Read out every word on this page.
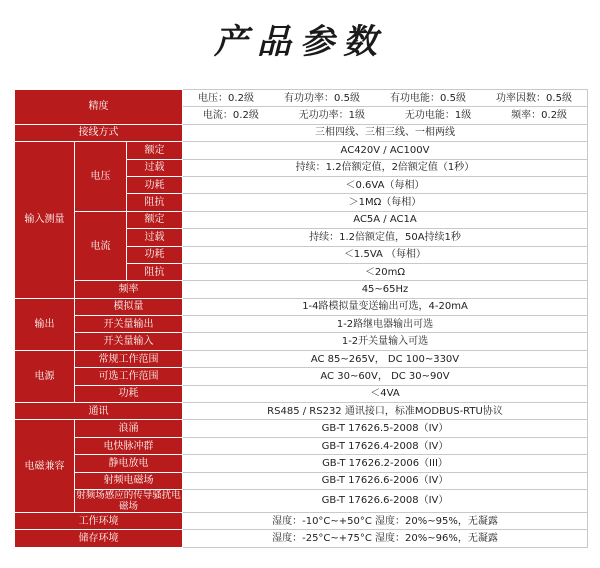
产品参数
精度			电压：0.2级 有功功率：0.5级 有功电能：0.5级 功率因数：0.5级

			电流：0.2级 无功功率：1级 无功电能：1级 频率：0.2级

接线方式			三相四线、三相三线、一相两线
输入测量	电压	额定	AC420V / AC100V
		过载	持续：1.2倍额定值，2倍额定值（1秒）
		功耗	＜0.6VA（每相）
		阻抗	＞1MΩ（每相）
	电流	额定	AC5A / AC1A
		过载	持续：1.2倍额定值，50A持续1秒
		功耗	＜1.5VA （每相）
		阻抗	＜20mΩ
	频率		45~65Hz
输出	模拟量		1-4路模拟量变送输出可选，4-20mA
	开关量输出		1-2路继电器输出可选
	开关量输入		1-2开关量输入可选
电源	常规工作范围		AC 85~265V， DC 100~330V
	可选工作范围		AC 30~60V， DC 30~90V
	功耗		＜4VA
通讯			RS485 / RS232 通讯接口，标准MODBUS-RTU协议
电磁兼容	浪涌		GB-T 17626.5-2008（IV）
	电快脉冲群		GB-T 17626.4-2008（IV）
	静电放电		GB-T 17626.2-2006（III）
	射频电磁场		GB-T 17626.6-2006（IV）
	射频场感应的传导骚扰电磁场		GB-T 17626.6-2008（IV）
工作环境			湿度：-10°C~+50°C 湿度：20%~95%，无凝露
储存环境			湿度：-25°C~+75°C 湿度：20%~96%，无凝露
